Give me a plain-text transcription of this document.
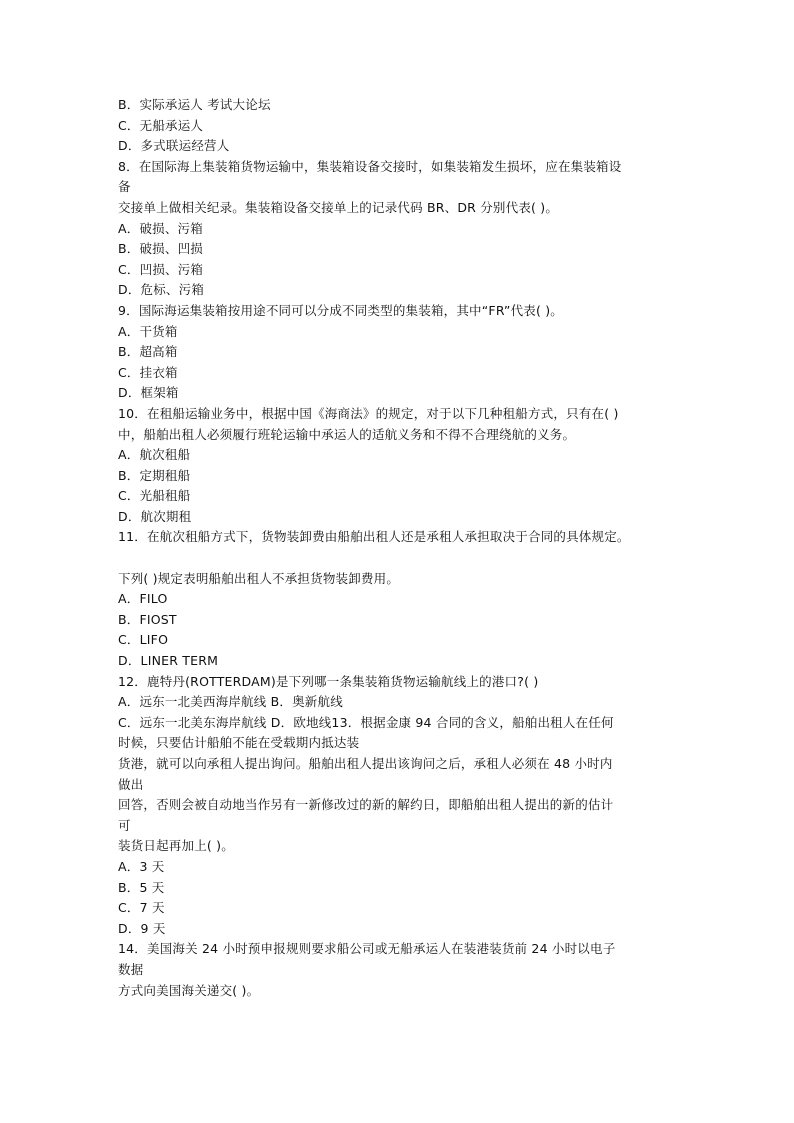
B．实际承运人 考试大论坛
C．无船承运人
D．多式联运经营人
8．在国际海上集装箱货物运输中，集装箱设备交接时，如集装箱发生损坏，应在集装箱设
备
交接单上做相关纪录。集装箱设备交接单上的记录代码 BR、DR 分别代表( )。
A．破损、污箱
B．破损、凹损
C．凹损、污箱
D．危标、污箱
9．国际海运集装箱按用途不同可以分成不同类型的集装箱，其中“FR”代表( )。
A．干货箱
B．超高箱
C．挂衣箱
D．框架箱
10．在租船运输业务中，根据中国《海商法》的规定，对于以下几种租船方式，只有在( )
中，船舶出租人必须履行班轮运输中承运人的适航义务和不得不合理绕航的义务。
A．航次租船
B．定期租船
C．光船租船
D．航次期租
11．在航次租船方式下，货物装卸费由船舶出租人还是承租人承担取决于合同的具体规定。
下列( )规定表明船舶出租人不承担货物装卸费用。
A．FILO
B．FIOST
C．LIFO
D．LINER TERM
12．鹿特丹(ROTTERDAM)是下列哪一条集装箱货物运输航线上的港口?( )
A．远东一北美西海岸航线 B．奥新航线
C．远东一北美东海岸航线 D．欧地线13．根据金康 94 合同的含义，船舶出租人在任何
时候，只要估计船舶不能在受载期内抵达装
货港，就可以向承租人提出询问。船舶出租人提出该询问之后，承租人必须在 48 小时内
做出
回答，否则会被自动地当作另有一新修改过的新的解约日，即船舶出租人提出的新的估计
可
装货日起再加上( )。
A．3 天
B．5 天
C．7 天
D．9 天
14．美国海关 24 小时预申报规则要求船公司或无船承运人在装港装货前 24 小时以电子
数据
方式向美国海关递交( )。
